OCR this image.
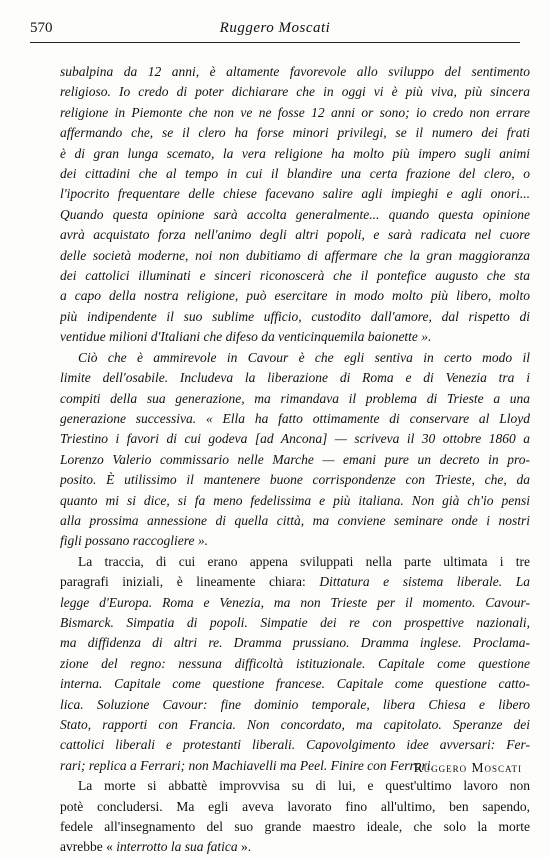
570	Ruggero Moscati
subalpina da 12 anni, è altamente favorevole allo sviluppo del sentimento
religioso. Io credo di poter dichiarare che in oggi vi è più viva, più sincera
religione in Piemonte che non ve ne fosse 12 anni or sono; io credo non errare
affermando che, se il clero ha forse minori privilegi, se il numero dei frati
è di gran lunga scemato, la vera religione ha molto più impero sugli animi
dei cittadini che al tempo in cui il blandire una certa frazione del clero, o
l'ipocrito frequentare delle chiese facevano salire agli impieghi e agli onori...
Quando questa opinione sarà accolta generalmente... quando questa opinione
avrà acquistato forza nell'animo degli altri popoli, e sarà radicata nel cuore
delle società moderne, noi non dubitiamo di affermare che la gran maggioranza
dei cattolici illuminati e sinceri riconoscerà che il pontefice augusto che sta
a capo della nostra religione, può esercitare in modo molto più libero, molto
più indipendente il suo sublime ufficio, custodito dall'amore, dal rispetto di
ventidue milioni d'Italiani che difeso da venticinquemila baionette ».
Ciò che è ammirevole in Cavour è che egli sentiva in certo modo il
limite dell'osabile. Includeva la liberazione di Roma e di Venezia tra i
compiti della sua generazione, ma rimandava il problema di Trieste a una
generazione successiva. « Ella ha fatto ottimamente di conservare al Lloyd
Triestino i favori di cui godeva [ad Ancona] — scriveva il 30 ottobre 1860 a
Lorenzo Valerio commissario nelle Marche — emani pure un decreto in pro-
posito. È utilissimo il mantenere buone corrispondenze con Trieste, che, da
quanto mi si dice, si fa meno fedelissima e più italiana. Non già ch'io pensi
alla prossima annessione di quella città, ma conviene seminare onde i nostri
figli possano raccogliere ».
La traccia, di cui erano appena sviluppati nella parte ultimata i tre
paragrafi iniziali, è lineamente chiara: Dittatura e sistema liberale. La
legge d'Europa. Roma e Venezia, ma non Trieste per il momento. Cavour-
Bismarck. Simpatia di popoli. Simpatie dei re con prospettive nazionali,
ma diffidenza di altri re. Dramma prussiano. Dramma inglese. Proclama-
zione del regno: nessuna difficoltà istituzionale. Capitale come questione
interna. Capitale come questione francese. Capitale come questione catto-
lica. Soluzione Cavour: fine dominio temporale, libera Chiesa e libero
Stato, rapporti con Francia. Non concordato, ma capitolato. Speranze dei
cattolici liberali e protestanti liberali. Capovolgimento idee avversari: Fer-
rari; replica a Ferrari; non Machiavelli ma Peel. Finire con Ferrari.
La morte si abbattè improvvisa su di lui, e quest'ultimo lavoro non
potè concludersi. Ma egli aveva lavorato fino all'ultimo, ben sapendo,
fedele all'insegnamento del suo grande maestro ideale, che solo la morte
avrebbe « interrotto la sua fatica ».
Ruggero Moscati
